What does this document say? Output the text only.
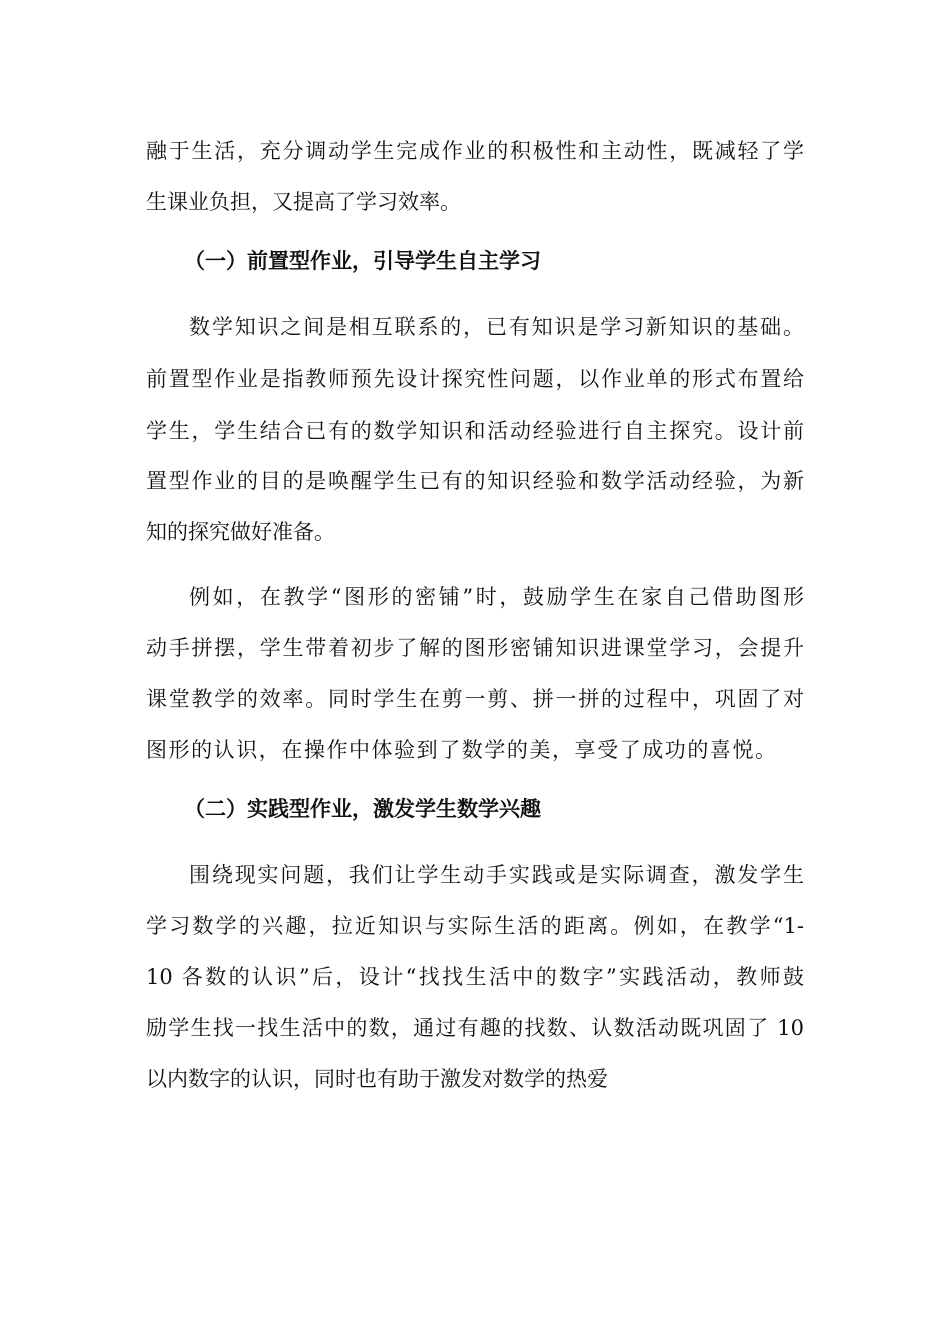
融于生活，充分调动学生完成作业的积极性和主动性，既减轻了学
生课业负担，又提高了学习效率。
（一）前置型作业，引导学生自主学习
数学知识之间是相互联系的，已有知识是学习新知识的基础。
前置型作业是指教师预先设计探究性问题，以作业单的形式布置给
学生，学生结合已有的数学知识和活动经验进行自主探究。设计前
置型作业的目的是唤醒学生已有的知识经验和数学活动经验，为新
知的探究做好准备。
例如，在教学“图形的密铺”时，鼓励学生在家自己借助图形
动手拼摆，学生带着初步了解的图形密铺知识进课堂学习，会提升
课堂教学的效率。同时学生在剪一剪、拼一拼的过程中，巩固了对
图形的认识，在操作中体验到了数学的美，享受了成功的喜悦。
（二）实践型作业，激发学生数学兴趣
围绕现实问题，我们让学生动手实践或是实际调查，激发学生
学习数学的兴趣，拉近知识与实际生活的距离。例如，在教学“1-
10 各数的认识”后，设计“找找生活中的数字”实践活动，教师鼓
励学生找一找生活中的数，通过有趣的找数、认数活动既巩固了 10
以内数字的认识，同时也有助于激发对数学的热爱
